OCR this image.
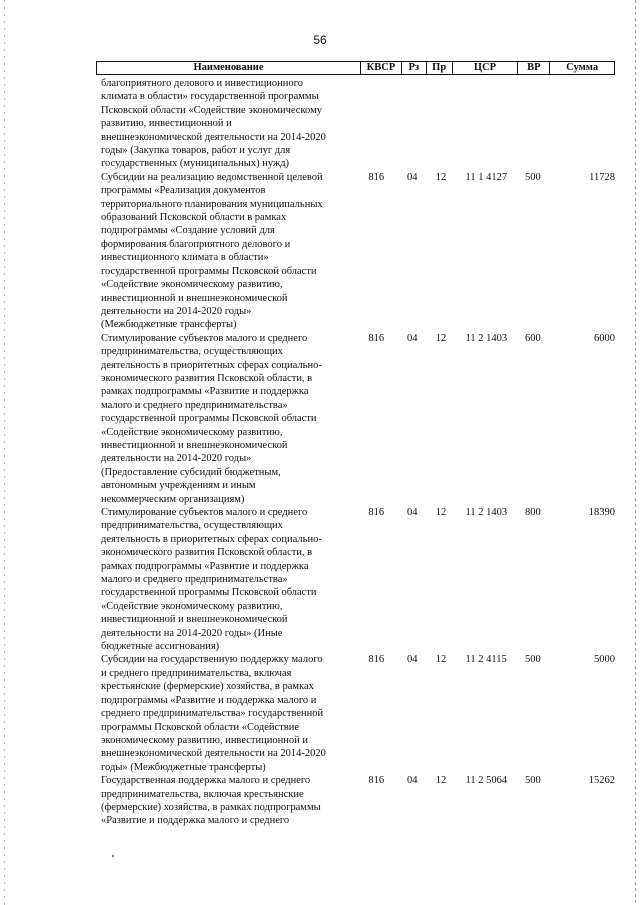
56
Наименование	КВСР	Рз	Пр	ЦСР	ВР	Сумма
благоприятного делового и инвестиционного
климата в области» государственной программы
Псковской области «Содействие экономическому
развитию, инвестиционной и
внешнеэкономической деятельности на 2014-2020
годы» (Закупка товаров, работ и услуг для
государственных (муниципальных) нужд)
Субсидии на реализацию ведомственной целевой
программы «Реализация документов
территориального планирования муниципальных
образований Псковской области в рамках
подпрограммы «Создание условий для
формирования благоприятного делового и
инвестиционного климата в области»
государственной программы Псковской области
«Содействие экономическому развитию,
инвестиционной и внешнеэкономической
деятельности на 2014-2020 годы»
(Межбюджетные трансферты)
816	04	12	11 1 4127	500	11728
Стимулирование субъектов малого и среднего
предпринимательства, осуществляющих
деятельность в приоритетных сферах социально-
экономического развития Псковской области, в
рамках подпрограммы «Развитие и поддержка
малого и среднего предпринимательства»
государственной программы Псковской области
«Содействие экономическому развитию,
инвестиционной и внешнеэкономической
деятельности на 2014-2020 годы»
(Предоставление субсидий бюджетным,
автономным учреждениям и иным
некоммерческим организациям)
816	04	12	11 2 1403	600	6000
Стимулирование субъектов малого и среднего
предпринимательства, осуществляющих
деятельность в приоритетных сферах социально-
экономического развития Псковской области, в
рамках подпрограммы «Развитие и поддержка
малого и среднего предпринимательства»
государственной программы Псковской области
«Содействие экономическому развитию,
инвестиционной и внешнеэкономической
деятельности на 2014-2020 годы» (Иные
бюджетные ассигнования)
816	04	12	11 2 1403	800	18390
Субсидии на государственную поддержку малого
и среднего предпринимательства, включая
крестьянские (фермерские) хозяйства, в рамках
подпрограммы «Развитие и поддержка малого и
среднего предпринимательства» государственной
программы Псковской области «Содействие
экономическому развитию, инвестиционной и
внешнеэкономической деятельности на 2014-2020
годы» (Межбюджетные трансферты)
816	04	12	11 2 4115	500	5000
Государственная поддержка малого и среднего
предпринимательства, включая крестьянские
(фермерские) хозяйства, в рамках подпрограммы
«Развитие и поддержка малого и среднего
816	04	12	11 2 5064	500	15262
